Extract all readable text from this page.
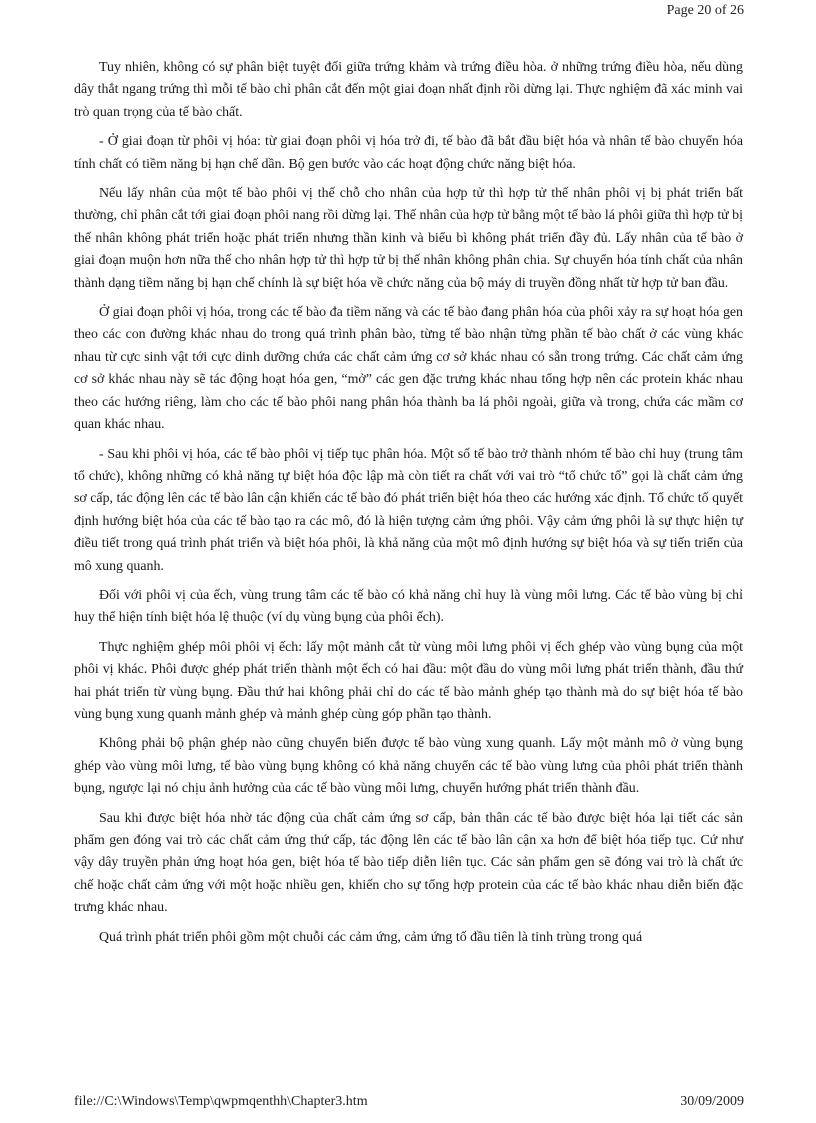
Page 20 of 26

Tuy nhiên, không có sự phân biệt tuyệt đối giữa trứng khảm và trứng điều hòa. ở những trứng điều hòa, nếu dùng dây thắt ngang trứng thì mỗi tế bào chỉ phân cắt đến một giai đoạn nhất định rồi dừng lại. Thực nghiệm đã xác minh vai trò quan trọng của tế bào chất.

- Ở giai đoạn từ phôi vị hóa: từ giai đoạn phôi vị hóa trở đi, tế bào đã bắt đầu biệt hóa và nhân tế bào chuyển hóa tính chất có tiềm năng bị hạn chế dần. Bộ gen bước vào các hoạt động chức năng biệt hóa.

Nếu lấy nhân của một tế bào phôi vị thế chỗ cho nhân của hợp tử thì hợp tử thế nhân phôi vị bị phát triển bất thường, chỉ phân cắt tới giai đoạn phôi nang rồi dừng lại. Thế nhân của hợp tử bằng một tế bào lá phôi giữa thì hợp tử bị thế nhân không phát triển hoặc phát triển nhưng thần kinh và biểu bì không phát triển đầy đủ. Lấy nhân của tế bào ở giai đoạn muộn hơn nữa thế cho nhân hợp tử thì hợp tử bị thế nhân không phân chia. Sự chuyển hóa tính chất của nhân thành dạng tiềm năng bị hạn chế chính là sự biệt hóa về chức năng của bộ máy di truyền đồng nhất từ hợp tử ban đầu.

Ở giai đoạn phôi vị hóa, trong các tế bào đa tiềm năng và các tế bào đang phân hóa của phôi xảy ra sự hoạt hóa gen theo các con đường khác nhau do trong quá trình phân bào, từng tế bào nhận từng phần tế bào chất ở các vùng khác nhau từ cực sinh vật tới cực dinh dưỡng chứa các chất cảm ứng cơ sở khác nhau có sẵn trong trứng. Các chất cảm ứng cơ sở khác nhau này sẽ tác động hoạt hóa gen, “mở” các gen đặc trưng khác nhau tổng hợp nên các protein khác nhau theo các hướng riêng, làm cho các tế bào phôi nang phân hóa thành ba lá phôi ngoài, giữa và trong, chứa các mầm cơ quan khác nhau.

- Sau khi phôi vị hóa, các tế bào phôi vị tiếp tục phân hóa. Một số tế bào trở thành nhóm tế bào chỉ huy (trung tâm tổ chức), không những có khả năng tự biệt hóa độc lập mà còn tiết ra chất với vai trò “tổ chức tố” gọi là chất cảm ứng sơ cấp, tác động lên các tế bào lân cận khiến các tế bào đó phát triển biệt hóa theo các hướng xác định. Tổ chức tố quyết định hướng biệt hóa của các tế bào tạo ra các mô, đó là hiện tượng cảm ứng phôi. Vậy cảm ứng phôi là sự thực hiện tự điều tiết trong quá trình phát triển và biệt hóa phôi, là khả năng của một mô định hướng sự biệt hóa và sự tiến triển của mô xung quanh.

Đối với phôi vị của ếch, vùng trung tâm các tế bào có khả năng chỉ huy là vùng môi lưng. Các tế bào vùng bị chỉ huy thể hiện tính biệt hóa lệ thuộc (ví dụ vùng bụng của phôi ếch).

Thực nghiệm ghép môi phôi vị ếch: lấy một mảnh cắt từ vùng môi lưng phôi vị ếch ghép vào vùng bụng của một phôi vị khác. Phôi được ghép phát triển thành một ếch có hai đầu: một đầu do vùng môi lưng phát triển thành, đầu thứ hai phát triển từ vùng bụng. Đầu thứ hai không phải chỉ do các tế bào mảnh ghép tạo thành mà do sự biệt hóa tế bào vùng bụng xung quanh mảnh ghép và mảnh ghép cùng góp phần tạo thành.

Không phải bộ phận ghép nào cũng chuyển biến được tế bào vùng xung quanh. Lấy một mảnh mô ở vùng bụng ghép vào vùng môi lưng, tế bào vùng bụng không có khả năng chuyển các tế bào vùng lưng của phôi phát triển thành bụng, ngược lại nó chịu ảnh hưởng của các tế bào vùng môi lưng, chuyển hướng phát triển thành đầu.

Sau khi được biệt hóa nhờ tác động của chất cảm ứng sơ cấp, bản thân các tế bào được biệt hóa lại tiết các sản phẩm gen đóng vai trò các chất cảm ứng thứ cấp, tác động lên các tế bào lân cận xa hơn để biệt hóa tiếp tục. Cứ như vậy dây truyền phản ứng hoạt hóa gen, biệt hóa tế bào tiếp diễn liên tục. Các sản phẩm gen sẽ đóng vai trò là chất ức chế hoặc chất cảm ứng với một hoặc nhiều gen, khiến cho sự tổng hợp protein của các tế bào khác nhau diễn biến đặc trưng khác nhau.

Quá trình phát triển phôi gồm một chuỗi các cảm ứng, cảm ứng tố đầu tiên là tinh trùng trong quá

file://C:\Windows\Temp\qwpmqenthh\Chapter3.htm	30/09/2009
